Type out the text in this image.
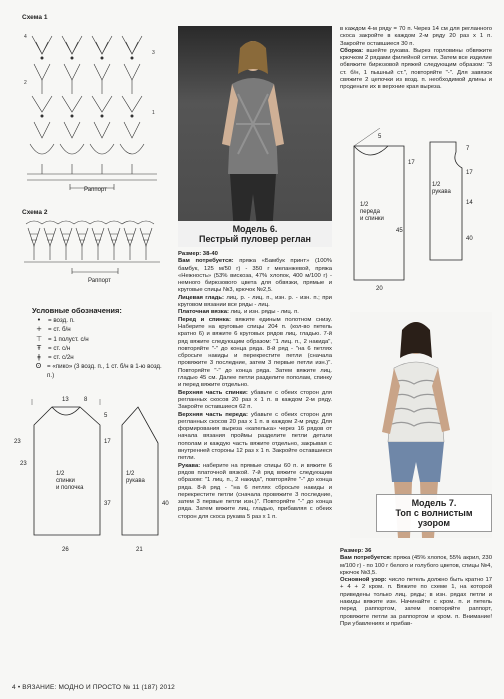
Схема 1
4
3
2
1
Раппорт
Схема 2
Раппорт
Условные обозначения:
•	= возд. п.
+ = ст. б/н
⊤ = 1 полуст. с/н
Ŧ	= ст. с/н
ǂ	= ст. с/2н
ʘ = «пико» (3 возд. п., 1 ст. б/н в 1-ю возд. п.)
13	8
23
5
17
23
37	40
26	21
1/2
спинки
и полочка
1/2
рукава
Модель 6.
Пестрый пуловер реглан

Размер: 38-40

Вам потребуется: пряжа «Бамбук принт» (100% бамбук, 125 м/50 г) - 350 г меланжевой, пряжа «Нежность» (53% вискоза, 47% хлопок, 400 м/100 г) - немного бирюзового цвета для обвязки, прямые и круговые спицы №3, крючок №2,5.

Лицевая гладь: лиц. р. - лиц. п., изн. р. - изн. п.; при круговом вязании все ряды - лиц.

Платочная вязка: лиц. и изн. ряды - лиц. п.

Перед и спинка: вяжите единым полотном снизу. Наберите на круговые спицы 204 п. (кол-во петель кратно 6) и вяжите 6 круговых рядов лиц. гладью. 7-й ряд вяжите следующим образом: "1 лиц. п., 2 накида", повторяйте "-" до конца ряда. 8-й ряд - "на 6 петлях сбросьте накиды и перекрестите петли (сначала провяжите 3 последние, затем 3 первые петли изн.)". Повторяйте "-" до конца ряда. Затем вяжите лиц. гладью 45 см. Далее петли разделите пополам, спинку и перед вяжите отдельно.

Верхняя часть спинки: убавьте с обеих сторон для регланных скосов 20 раз х 1 п. в каждом 2-м ряду. Закройте оставшиеся 62 п.

Верхняя часть переда: убавьте с обеих сторон для регланных скосов 20 раз х 1 п. в каждом 2-м ряду. Для формирования выреза «капелька» через 16 рядов от начала вязания проймы разделите петли детали пополам и каждую часть вяжите отдельно, закрывая с внутренней стороны 12 раз х 1 п. Закройте оставшиеся петли.

Рукава: наберите на прямые спицы 60 п. и вяжите 6 рядов платочной вязкой. 7-й ряд вяжите следующим образом: "1 лиц. п., 2 накида", повторяйте "-" до конца ряда. 8-й ряд - "на 6 петлях сбросьте накиды и перекрестите петли (сначала провяжите 3 последние, затем 3 первые петли изн.)". Повторяйте "-" до конца ряда. Затем вяжите лиц. гладью, прибавляя с обеих сторон для скоса рукава 5 раз х 1 п.

в каждом 4-м ряду = 70 п. Через 14 см для регланного скоса закройте в каждом 2-м ряду 20 раз х 1 п. Закройте оставшиеся 30 п.

Сборка: вшейте рукава. Вырез горловины обвяжите крючком 2 рядами филейной сетки. Затем все изделие обвяжите бирюзовой пряжей следующим образом: "3 ст. б/н, 1 пышный ст.", повторяйте "-". Для завязок свяжите 2 цепочки из возд. п. необходимой длины и проденьте их в верхние края выреза.

5
17
7
17
14
45
40
20
1/2
рукава
1/2
переда
и спинки
Модель 7.
Топ с волнистым узором

Размер: 36

Вам потребуется: пряжа (45% хлопок, 55% акрил, 230 м/100 г) - по 100 г белого и голубого цветов, спицы №4, крючок №3,5.

Основной узор: число петель должно быть кратно 17 + 4 + 2 кром. п. Вяжите по схеме 1, на которой приведены только лиц. ряды; в изн. рядах петли и накиды вяжите изн. Начинайте с кром. п. и петель перед раппортом, затем повторяйте раппорт, провяжите петли за раппортом и кром. п. Внимание! При убавлениях и прибав-

4 • ВЯЗАНИЕ: МОДНО И ПРОСТО № 11 (187) 2012
